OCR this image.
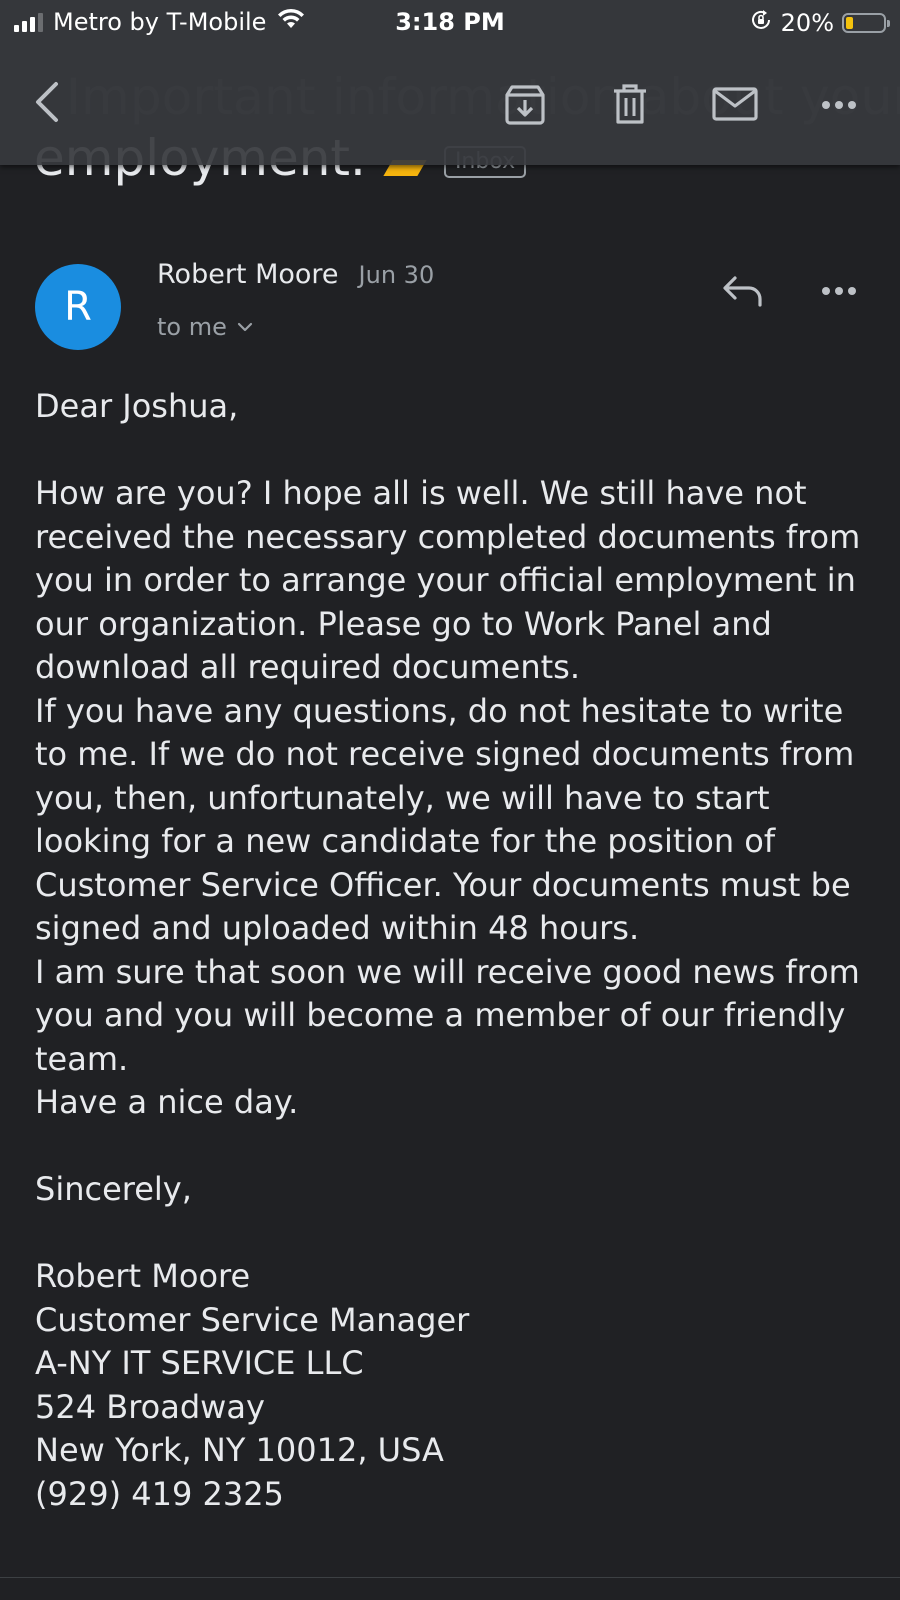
Metro by T-Mobile	3:18 PM	20%
R
Robert Moore Jun 30
to me

Dear Joshua,

How are you? I hope all is well. We still have not

received the necessary completed documents from

you in order to arrange your official employment in

our organization. Please go to Work Panel and

download all required documents.

If you have any questions, do not hesitate to write

to me. If we do not receive signed documents from

you, then, unfortunately, we will have to start

looking for a new candidate for the position of

Customer Service Officer. Your documents must be

signed and uploaded within 48 hours.

I am sure that soon we will receive good news from

you and you will become a member of our friendly

team.

Have a nice day.

Sincerely,

Robert Moore

Customer Service Manager

A-NY IT SERVICE LLC

524 Broadway

New York, NY 10012, USA

(929) 419 2325
